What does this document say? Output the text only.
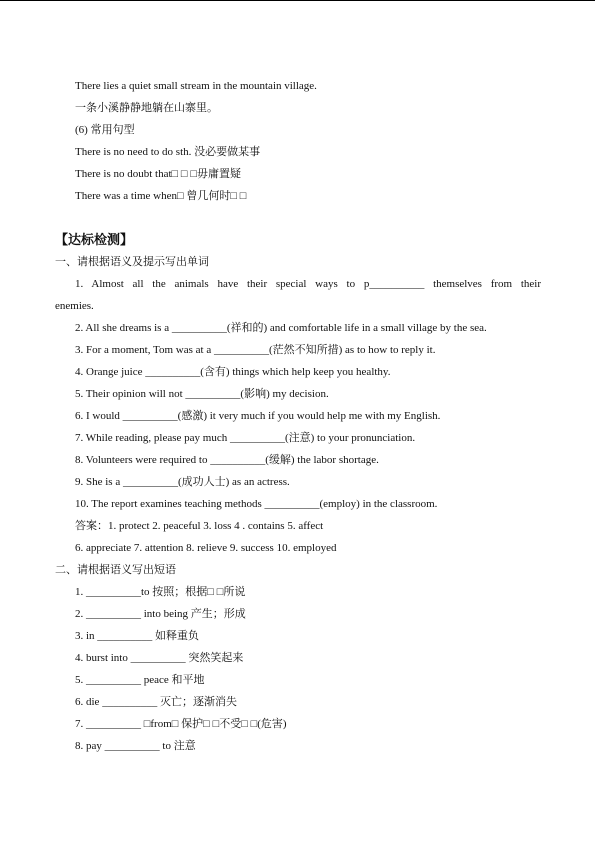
There lies a quiet small stream in the mountain village.
一条小溪静静地躺在山寨里。
(6) 常用句型
There is no need to do sth. 没必要做某事
There is no doubt that□ □ □毋庸置疑
There was a time when□ 曾几何时□ □
【达标检测】
一、请根据语义及提示写出单词
1. Almost all the animals have their special ways to p__________ themselves from their
enemies.
2. All she dreams is a __________(祥和的) and comfortable life in a small village by the sea.
3. For a moment, Tom was at a __________(茫然不知所措) as to how to reply it.
4. Orange juice __________(含有) things which help keep you healthy.
5. Their opinion will not __________(影响) my decision.
6. I would __________(感激) it very much if you would help me with my English.
7. While reading, please pay much __________(注意) to your pronunciation.
8. Volunteers were required to __________(缓解) the labor shortage.
9. She is a __________(成功人士) as an actress.
10. The report examines teaching methods __________(employ) in the classroom.
答案：1. protect 2. peaceful 3. loss 4 . contains 5. affect
6. appreciate 7. attention 8. relieve 9. success 10. employed
二、请根据语义写出短语
1. __________to 按照；根据□ □所说
2. __________ into being 产生；形成
3. in __________ 如释重负
4. burst into __________ 突然笑起来
5. __________ peace 和平地
6. die __________ 灭亡；逐渐消失
7. __________ □from□ 保护□ □不受□ □(危害)
8. pay __________ to 注意
